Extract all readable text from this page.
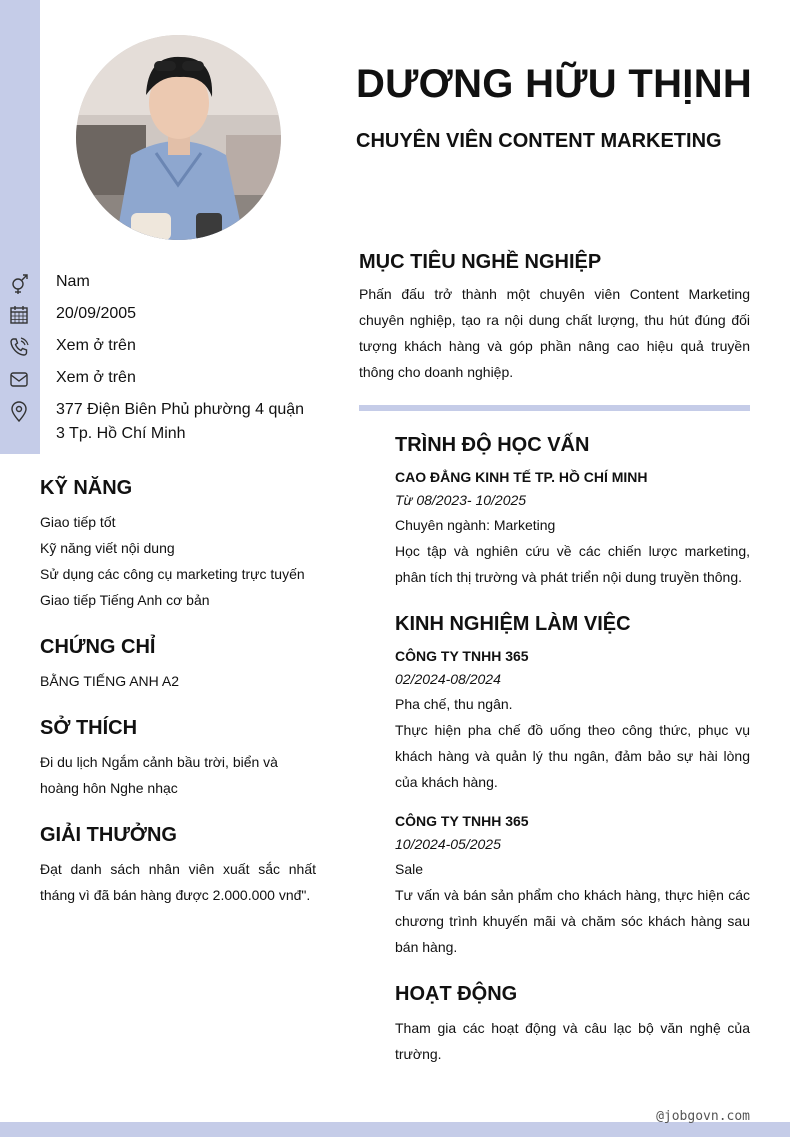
DƯƠNG HỮU THỊNH
CHUYÊN VIÊN CONTENT MARKETING
Nam
20/09/2005
Xem ở trên
Xem ở trên
377 Điện Biên Phủ phường 4 quận
3 Tp. Hồ Chí Minh
KỸ NĂNG
Giao tiếp tốt
Kỹ năng viết nội dung
Sử dụng các công cụ marketing trực tuyến
Giao tiếp Tiếng Anh cơ bản
CHỨNG CHỈ
BẰNG TIẾNG ANH A2
SỞ THÍCH
Đi du lịch Ngắm cảnh bầu trời, biển và hoàng hôn Nghe nhạc
GIẢI THƯỞNG
Đạt danh sách nhân viên xuất sắc nhất tháng vì đã bán hàng được 2.000.000 vnđ".
MỤC TIÊU NGHỀ NGHIỆP
Phấn đấu trở thành một chuyên viên Content Marketing chuyên nghiệp, tạo ra nội dung chất lượng, thu hút đúng đối tượng khách hàng và góp phần nâng cao hiệu quả truyền thông cho doanh nghiệp.
TRÌNH ĐỘ HỌC VẤN
CAO ĐẲNG KINH TẾ TP. HỒ CHÍ MINH
Từ 08/2023- 10/2025
Chuyên ngành: Marketing
Học tập và nghiên cứu về các chiến lược marketing, phân tích thị trường và phát triển nội dung truyền thông.
KINH NGHIỆM LÀM VIỆC
CÔNG TY TNHH 365
02/2024-08/2024
Pha chế, thu ngân.
Thực hiện pha chế đồ uống theo công thức, phục vụ khách hàng và quản lý thu ngân, đảm bảo sự hài lòng của khách hàng.
CÔNG TY TNHH 365
10/2024-05/2025
Sale
Tư vấn và bán sản phẩm cho khách hàng, thực hiện các chương trình khuyến mãi và chăm sóc khách hàng sau bán hàng.
HOẠT ĐỘNG
Tham gia các hoạt động và câu lạc bộ văn nghệ của trường.
@jobgovn.com
